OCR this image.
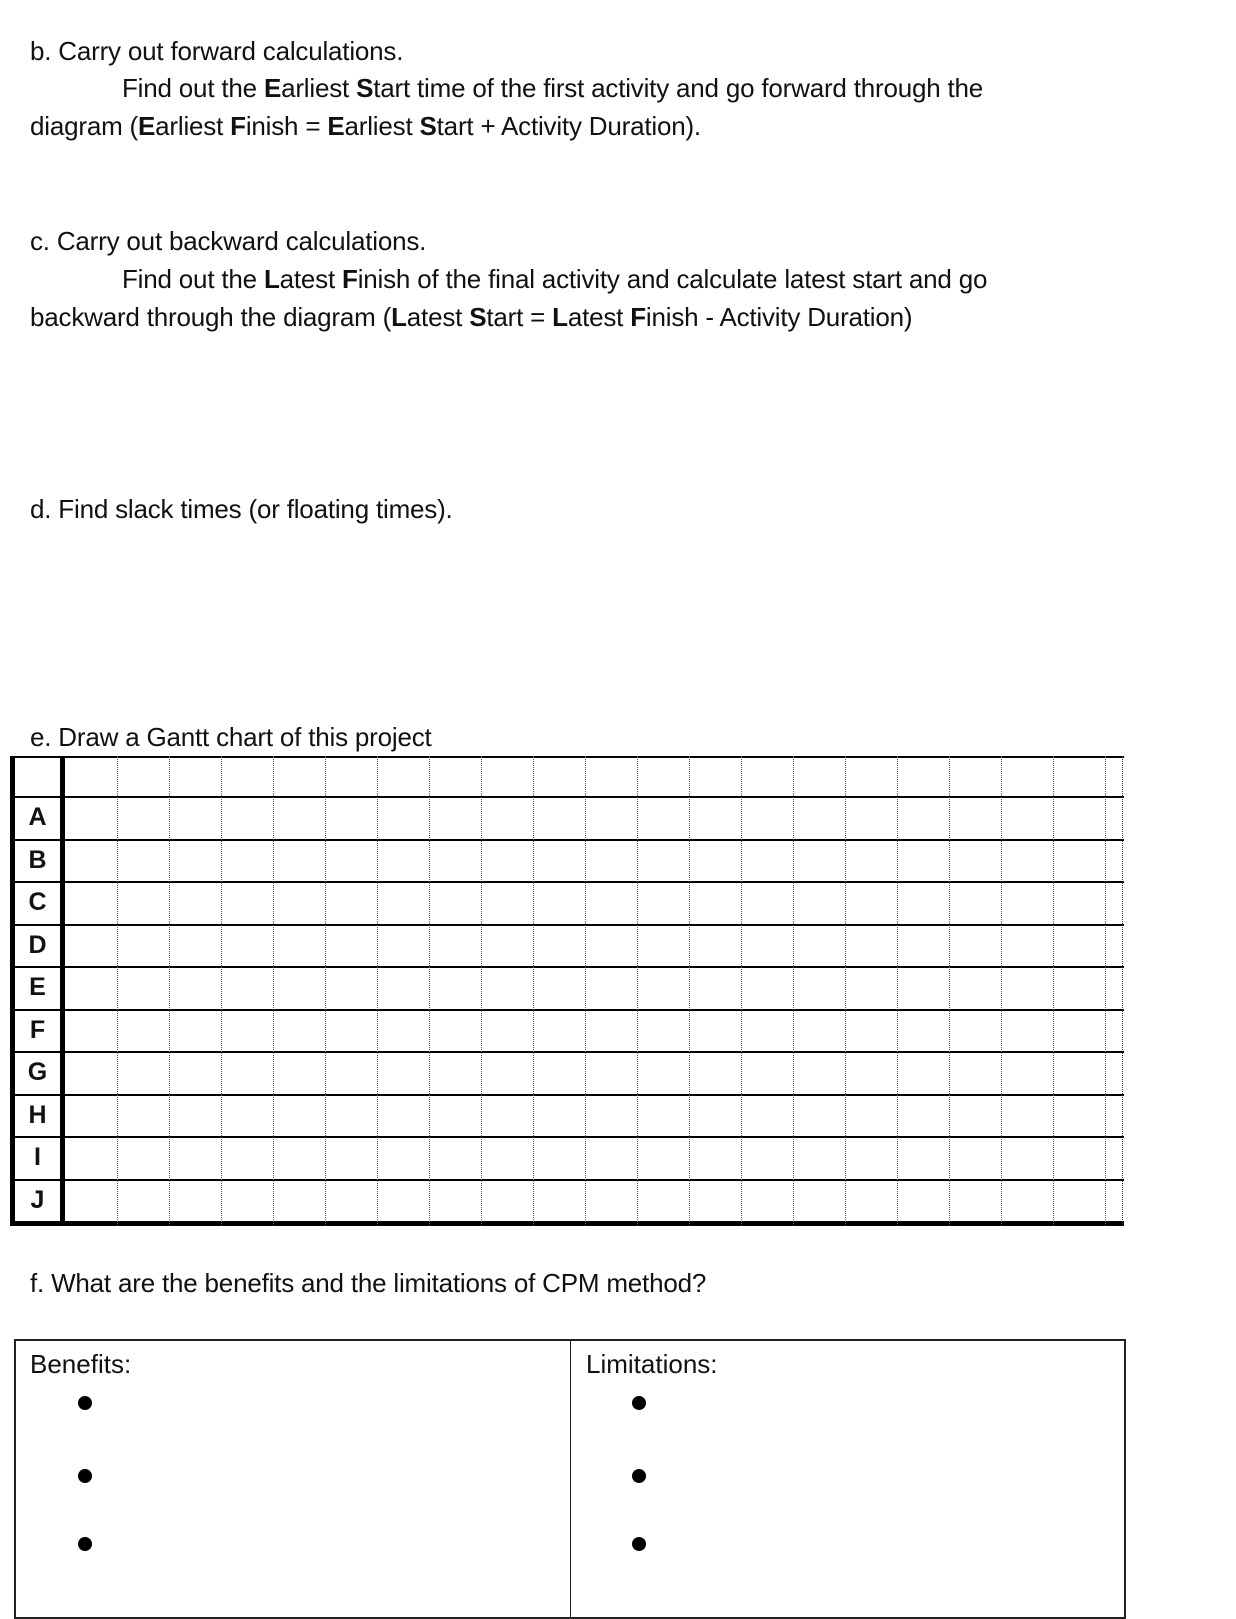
b. Carry out forward calculations.
Find out the Earliest Start time of the first activity and go forward through the
diagram (Earliest Finish = Earliest Start + Activity Duration).
c. Carry out backward calculations.
Find out the Latest Finish of the final activity and calculate latest start and go
backward through the diagram (Latest Start = Latest Finish - Activity Duration)
d. Find slack times (or floating times).
e. Draw a Gantt chart of this project
A
B
C
D
E
F
G
H
I
J
f. What are the benefits and the limitations of CPM method?
Benefits:	Limitations:
